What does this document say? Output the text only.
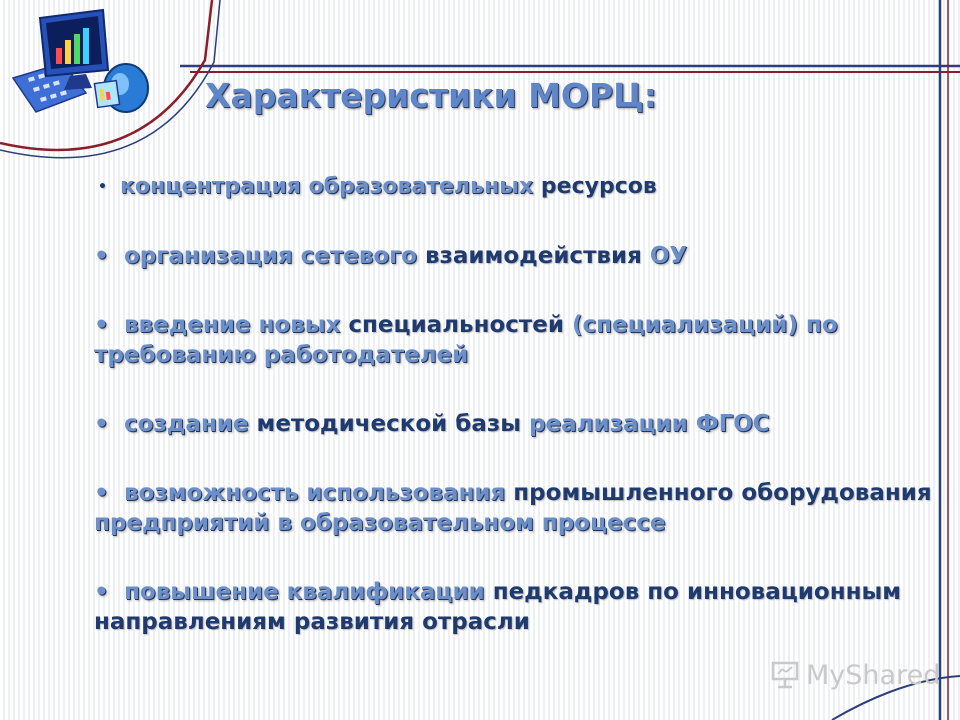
Характеристики МОРЦ:

• концентрация образовательных ресурсов

• организация сетевого взаимодействия ОУ

• введение новых специальностей (специализаций) по требованию работодателей

• создание методической базы реализации ФГОС

• возможность использования промышленного оборудования предприятий в образовательном процессе

• повышение квалификации педкадров по инновационным направлениям развития отрасли

MyShared
